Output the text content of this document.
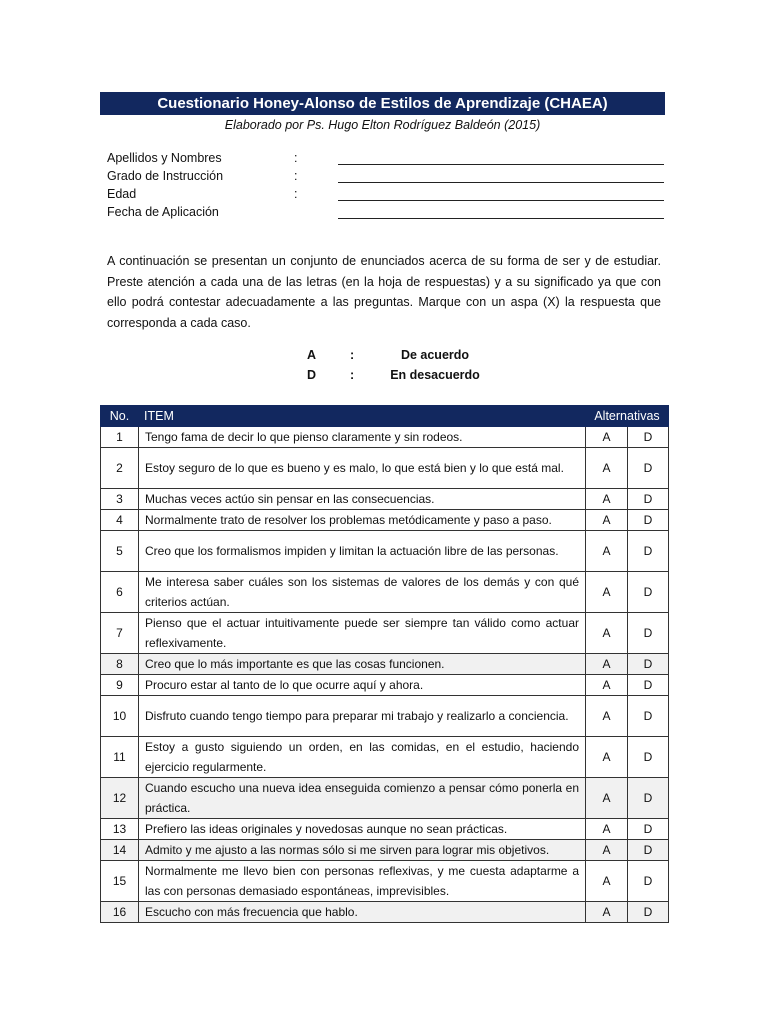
Cuestionario Honey-Alonso de Estilos de Aprendizaje (CHAEA)
Elaborado por Ps. Hugo Elton Rodríguez Baldeón (2015)
Apellidos y Nombres	:
Grado de Instrucción	:
Edad	:
Fecha de Aplicación
A continuación se presentan un conjunto de enunciados acerca de su forma de ser y de estudiar. Preste atención a cada una de las letras (en la hoja de respuestas) y a su significado ya que con ello podrá contestar adecuadamente a las preguntas. Marque con un aspa (X) la respuesta que corresponda a cada caso.
A	:	De acuerdo
D	:	En desacuerdo
No.	ITEM	Alternativas	
1	Tengo fama de decir lo que pienso claramente y sin rodeos.	A	D
2	Estoy seguro de lo que es bueno y es malo, lo que está bien y lo que está mal.	A	D
3	Muchas veces actúo sin pensar en las consecuencias.	A	D
4	Normalmente trato de resolver los problemas metódicamente y paso a paso.	A	D
5	Creo que los formalismos impiden y limitan la actuación libre de las personas.	A	D
6	Me interesa saber cuáles son los sistemas de valores de los demás y con qué criterios actúan.	A	D
7	Pienso que el actuar intuitivamente puede ser siempre tan válido como actuar reflexivamente.	A	D
8	Creo que lo más importante es que las cosas funcionen.	A	D
9	Procuro estar al tanto de lo que ocurre aquí y ahora.	A	D
10	Disfruto cuando tengo tiempo para preparar mi trabajo y realizarlo a conciencia.	A	D
11	Estoy a gusto siguiendo un orden, en las comidas, en el estudio, haciendo ejercicio regularmente.	A	D
12	Cuando escucho una nueva idea enseguida comienzo a pensar cómo ponerla en práctica.	A	D
13	Prefiero las ideas originales y novedosas aunque no sean prácticas.	A	D
14	Admito y me ajusto a las normas sólo si me sirven para lograr mis objetivos.	A	D
15	Normalmente me llevo bien con personas reflexivas, y me cuesta adaptarme a las con personas demasiado espontáneas, imprevisibles.	A	D
16	Escucho con más frecuencia que hablo.	A	D
